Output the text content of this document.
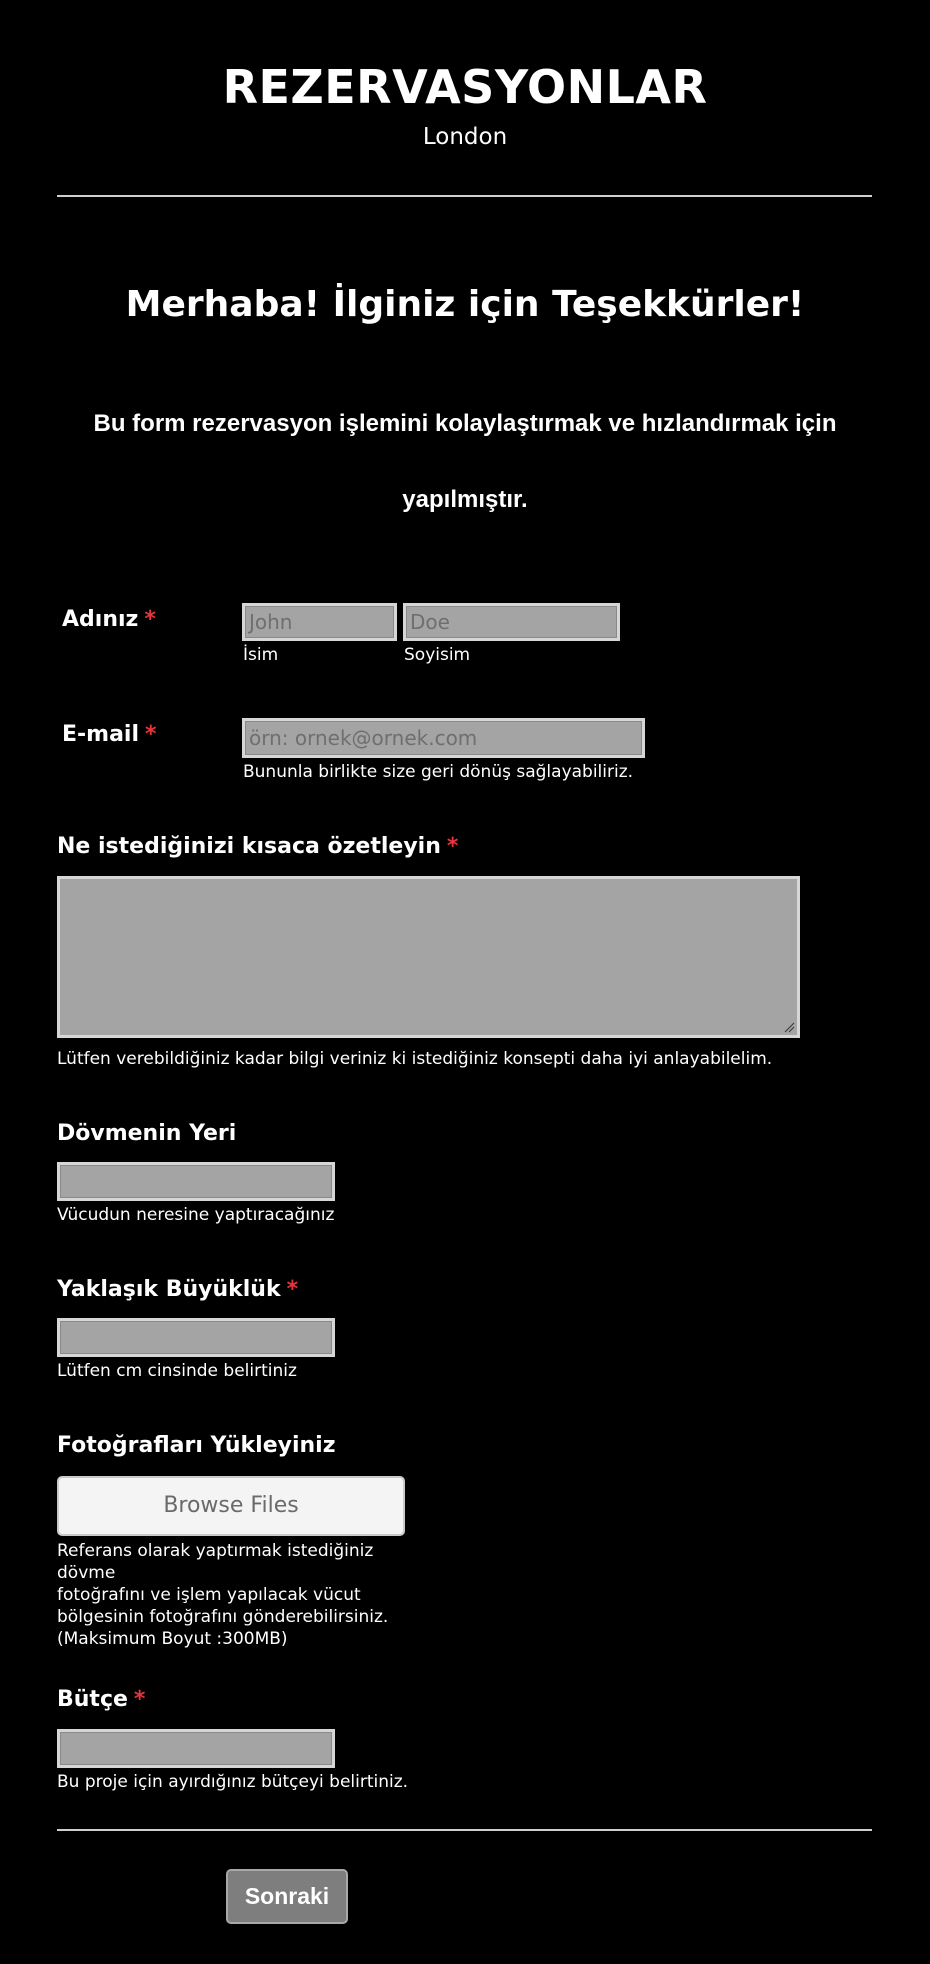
REZERVASYONLAR
London
Merhaba! İlginiz için Teşekkürler!
Bu form rezervasyon işlemini kolaylaştırmak ve hızlandırmak için yapılmıştır.
Adınız *	John
İsim
Doe
Soyisim
E-mail *	örn: ornek@ornek.com
Bununla birlikte size geri dönüş sağlayabiliriz.
Ne istediğinizi kısaca özetleyin *
Lütfen verebildiğiniz kadar bilgi veriniz ki istediğiniz konsepti daha iyi anlayabilelim.
Dövmenin Yeri
Vücudun neresine yaptıracağınız
Yaklaşık Büyüklük *
Lütfen cm cinsinde belirtiniz
Fotoğrafları Yükleyiniz
Browse Files
Referans olarak yaptırmak istediğiniz dövme
fotoğrafını ve işlem yapılacak vücut
bölgesinin fotoğrafını gönderebilirsiniz.
(Maksimum Boyut :300MB)
Bütçe *
Bu proje için ayırdığınız bütçeyi belirtiniz.
Sonraki
